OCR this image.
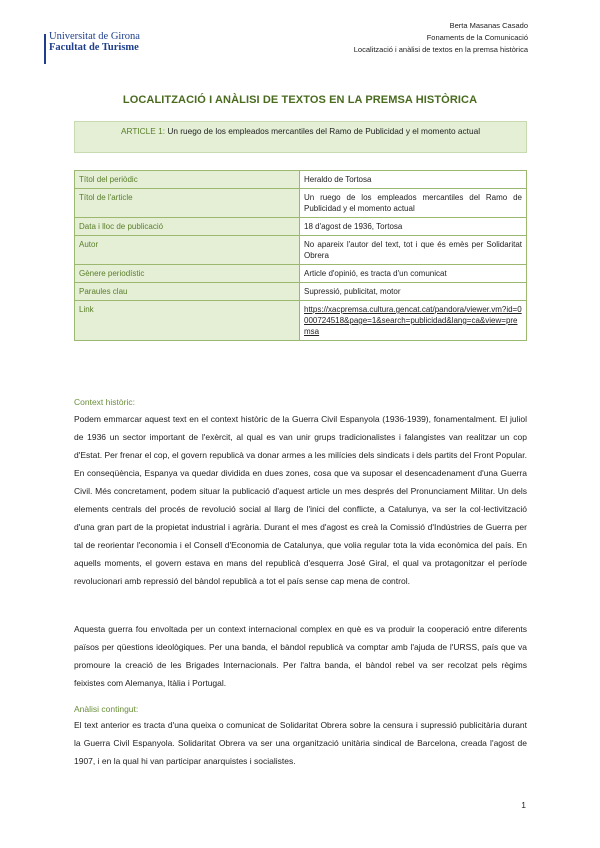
Universitat de Girona
Facultat de Turisme
Berta Masanas Casado
Fonaments de la Comunicació
Localització i anàlisi de textos en la premsa històrica
LOCALITZACIÓ I ANÀLISI DE TEXTOS EN LA PREMSA HISTÒRICA
ARTICLE 1: Un ruego de los empleados mercantiles del Ramo de Publicidad y el momento actual
Títol del periòdic	Heraldo de Tortosa
Títol de l'article	Un ruego de los empleados mercantiles del Ramo de Publicidad y el momento actual
Data i lloc de publicació	18 d'agost de 1936, Tortosa
Autor	No apareix l'autor del text, tot i que és emès per Solidaritat Obrera
Gènere periodístic	Article d'opinió, es tracta d'un comunicat
Paraules clau	Supressió, publicitat, motor
Link	https://xacpremsa.cultura.gencat.cat/pandora/viewer.vm?id=0000724518&page=1&search=publicidad&lang=ca&view=premsa
Context històric:
Podem emmarcar aquest text en el context històric de la Guerra Civil Espanyola (1936-1939), fonamentalment. El juliol de 1936 un sector important de l'exèrcit, al qual es van unir grups tradicionalistes i falangistes van realitzar un cop d'Estat. Per frenar el cop, el govern republicà va donar armes a les milícies dels sindicats i dels partits del Front Popular. En conseqüència, Espanya va quedar dividida en dues zones, cosa que va suposar el desencadenament d'una Guerra Civil. Més concretament, podem situar la publicació d'aquest article un mes després del Pronunciament Militar. Un dels elements centrals del procés de revolució social al llarg de l'inici del conflicte, a Catalunya, va ser la col·lectivització d'una gran part de la propietat industrial i agrària. Durant el mes d'agost es creà la Comissió d'Indústries de Guerra per tal de reorientar l'economia i el Consell d'Economia de Catalunya, que volia regular tota la vida econòmica del país. En aquells moments, el govern estava en mans del republicà d'esquerra José Giral, el qual va protagonitzar el període revolucionari amb repressió del bàndol republicà a tot el país sense cap mena de control.
Aquesta guerra fou envoltada per un context internacional complex en què es va produir la cooperació entre diferents països per qüestions ideològiques. Per una banda, el bàndol republicà va comptar amb l'ajuda de l'URSS, país que va promoure la creació de les Brigades Internacionals. Per l'altra banda, el bàndol rebel va ser recolzat pels règims feixistes com Alemanya, Itàlia i Portugal.
Anàlisi contingut:
El text anterior es tracta d'una queixa o comunicat de Solidaritat Obrera sobre la censura i supressió publicitària durant la Guerra Civil Espanyola. Solidaritat Obrera va ser una organització unitària sindical de Barcelona, creada l'agost de 1907, i en la qual hi van participar anarquistes i socialistes.
1
